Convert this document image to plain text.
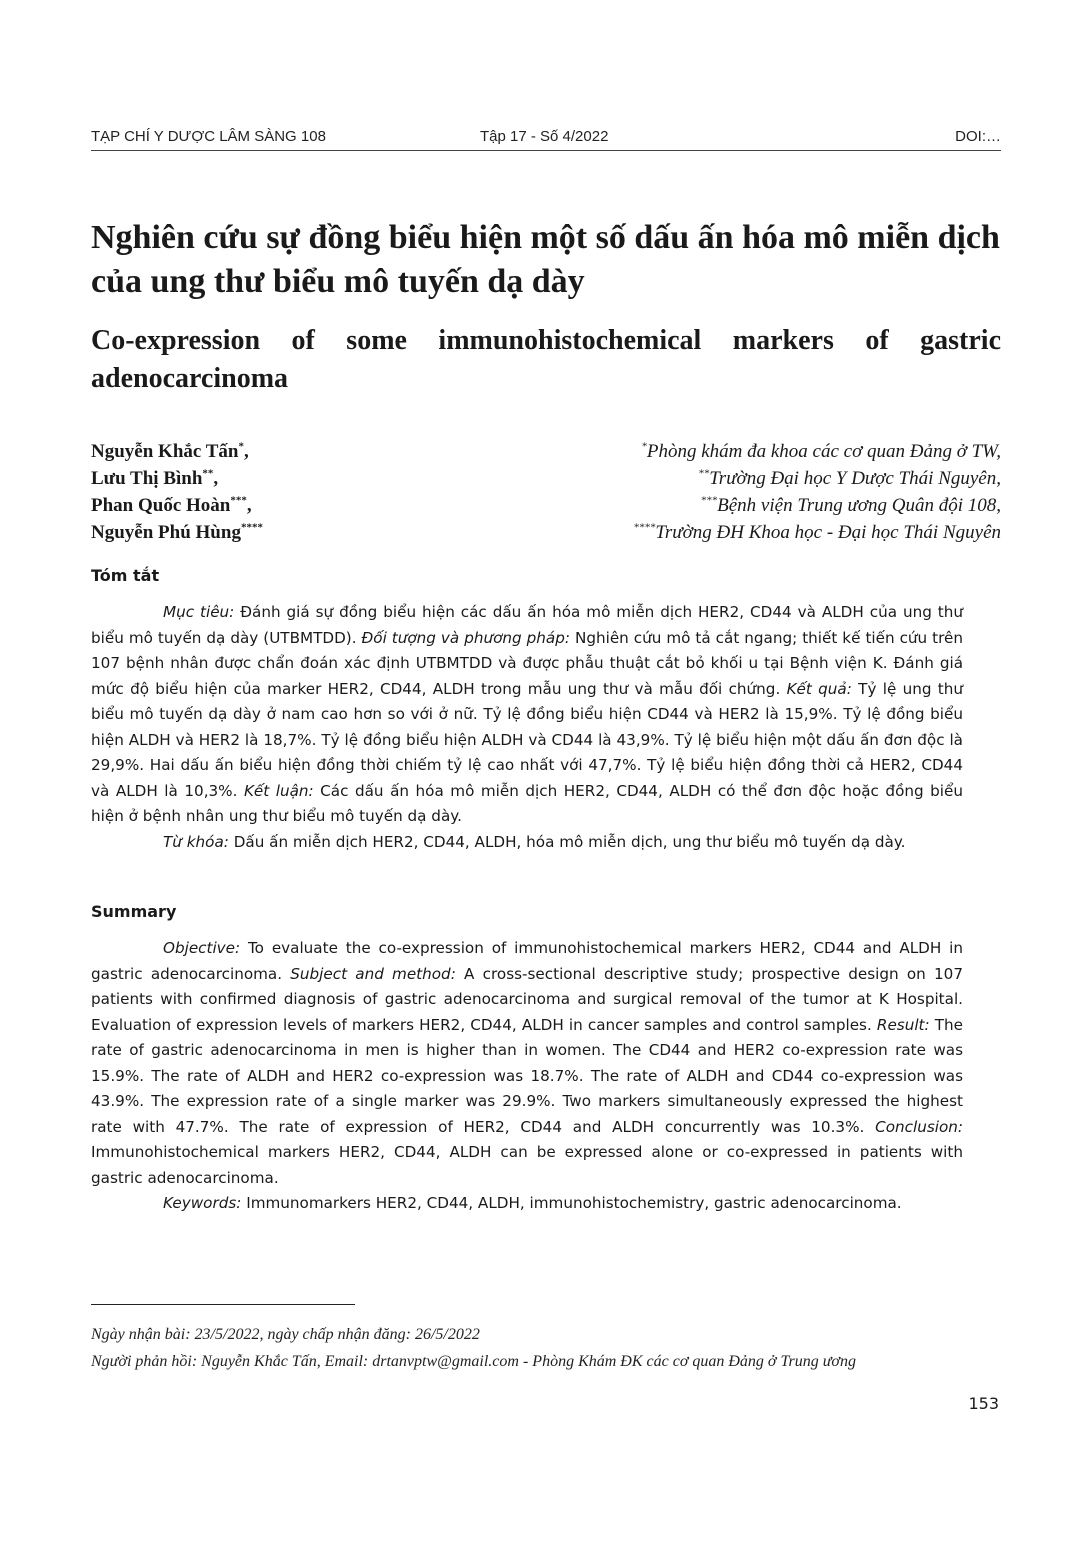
TẠP CHÍ Y DƯỢC LÂM SÀNG 108	Tập 17 - Số 4/2022	DOI:…
Nghiên cứu sự đồng biểu hiện một số dấu ấn hóa mô miễn dịch của ung thư biểu mô tuyến dạ dày
Co-expression of some immunohistochemical markers of gastric adenocarcinoma
Nguyễn Khắc Tấn*,
Lưu Thị Bình**,
Phan Quốc Hoàn***,
Nguyễn Phú Hùng****
*Phòng khám đa khoa các cơ quan Đảng ở TW,
**Trường Đại học Y Dược Thái Nguyên,
***Bệnh viện Trung ương Quân đội 108,
****Trường ĐH Khoa học - Đại học Thái Nguyên
Tóm tắt

Mục tiêu: Đánh giá sự đồng biểu hiện các dấu ấn hóa mô miễn dịch HER2, CD44 và ALDH của ung thư biểu mô tuyến dạ dày (UTBMTDD). Đối tượng và phương pháp: Nghiên cứu mô tả cắt ngang; thiết kế tiến cứu trên 107 bệnh nhân được chẩn đoán xác định UTBMTDD và được phẫu thuật cắt bỏ khối u tại Bệnh viện K. Đánh giá mức độ biểu hiện của marker HER2, CD44, ALDH trong mẫu ung thư và mẫu đối chứng. Kết quả: Tỷ lệ ung thư biểu mô tuyến dạ dày ở nam cao hơn so với ở nữ. Tỷ lệ đồng biểu hiện CD44 và HER2 là 15,9%. Tỷ lệ đồng biểu hiện ALDH và HER2 là 18,7%. Tỷ lệ đồng biểu hiện ALDH và CD44 là 43,9%. Tỷ lệ biểu hiện một dấu ấn đơn độc là 29,9%. Hai dấu ấn biểu hiện đồng thời chiếm tỷ lệ cao nhất với 47,7%. Tỷ lệ biểu hiện đồng thời cả HER2, CD44 và ALDH là 10,3%. Kết luận: Các dấu ấn hóa mô miễn dịch HER2, CD44, ALDH có thể đơn độc hoặc đồng biểu hiện ở bệnh nhân ung thư biểu mô tuyến dạ dày.

Từ khóa: Dấu ấn miễn dịch HER2, CD44, ALDH, hóa mô miễn dịch, ung thư biểu mô tuyến dạ dày.

Summary

Objective: To evaluate the co-expression of immunohistochemical markers HER2, CD44 and ALDH in gastric adenocarcinoma. Subject and method: A cross-sectional descriptive study; prospective design on 107 patients with confirmed diagnosis of gastric adenocarcinoma and surgical removal of the tumor at K Hospital. Evaluation of expression levels of markers HER2, CD44, ALDH in cancer samples and control samples. Result: The rate of gastric adenocarcinoma in men is higher than in women. The CD44 and HER2 co-expression rate was 15.9%. The rate of ALDH and HER2 co-expression was 18.7%. The rate of ALDH and CD44 co-expression was 43.9%. The expression rate of a single marker was 29.9%. Two markers simultaneously expressed the highest rate with 47.7%. The rate of expression of HER2, CD44 and ALDH concurrently was 10.3%. Conclusion: Immunohistochemical markers HER2, CD44, ALDH can be expressed alone or co-expressed in patients with gastric adenocarcinoma.

Keywords: Immunomarkers HER2, CD44, ALDH, immunohistochemistry, gastric adenocarcinoma.

Ngày nhận bài: 23/5/2022, ngày chấp nhận đăng: 26/5/2022
Người phản hồi: Nguyễn Khắc Tấn, Email: drtanvptw@gmail.com - Phòng Khám ĐK các cơ quan Đảng ở Trung ương
153
